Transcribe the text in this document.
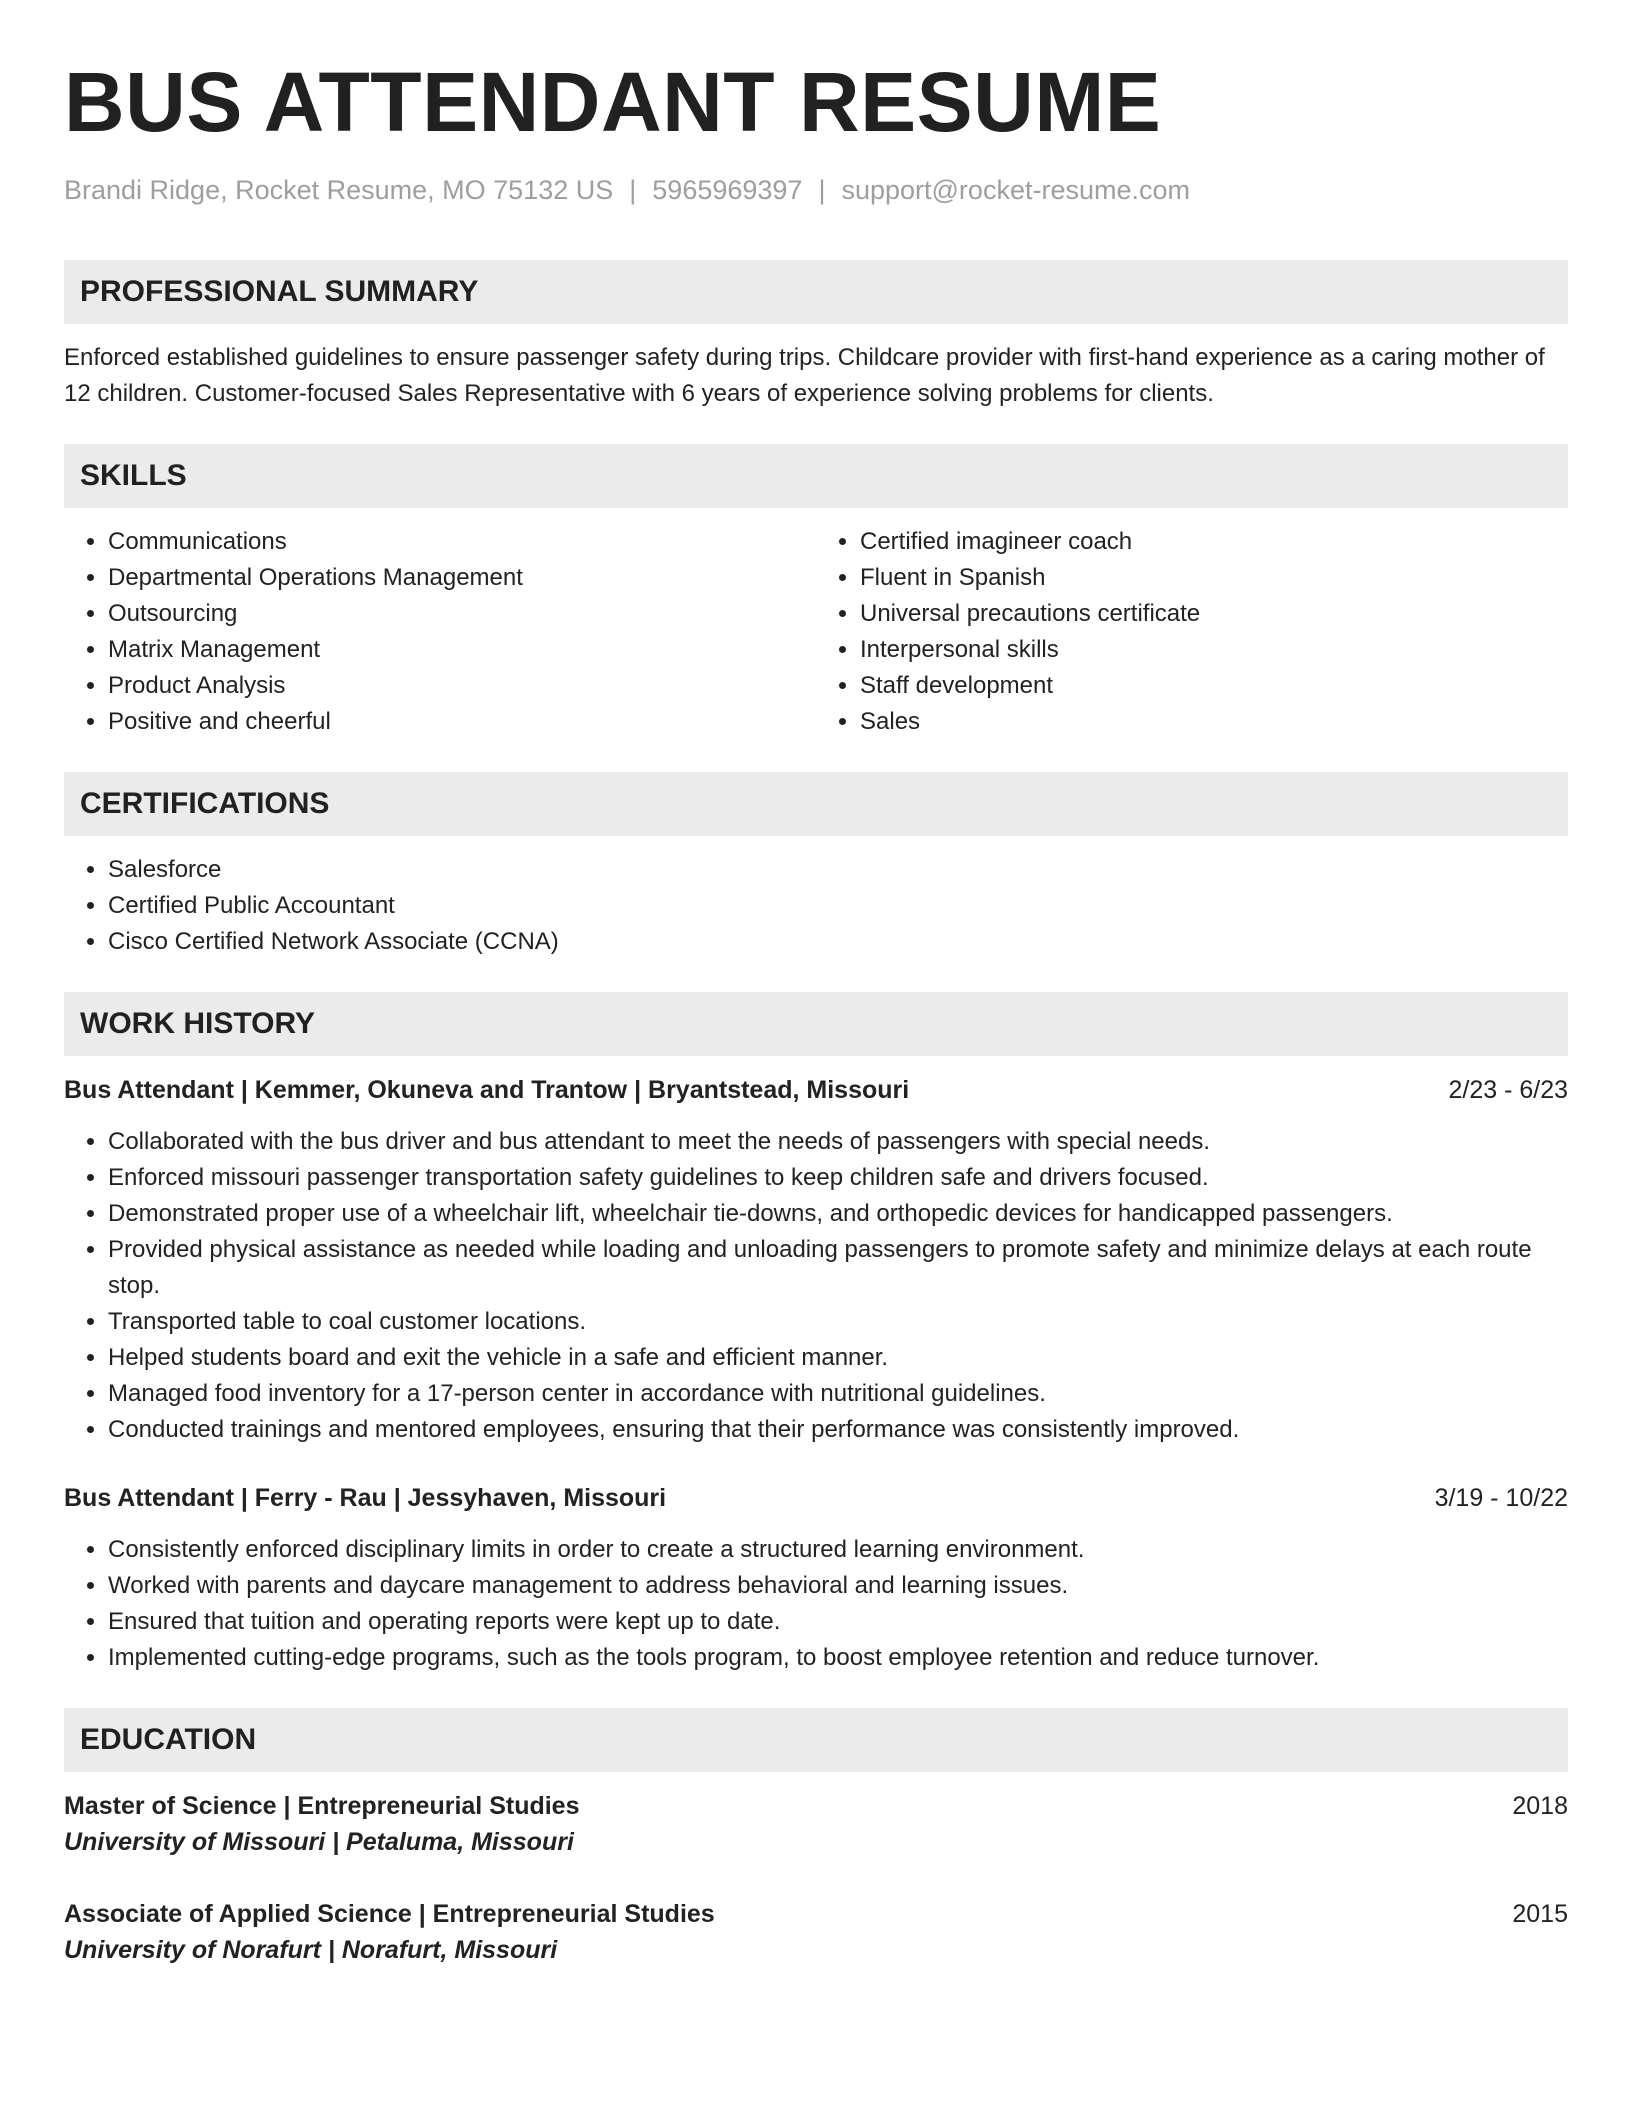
BUS ATTENDANT RESUME
Brandi Ridge, Rocket Resume, MO 75132 US | 5965969397 | support@rocket-resume.com
PROFESSIONAL SUMMARY

Enforced established guidelines to ensure passenger safety during trips. Childcare provider with first-hand experience as a caring mother of 12 children. Customer-focused Sales Representative with 6 years of experience solving problems for clients.

SKILLS
• Communications
• Departmental Operations Management
• Outsourcing
• Matrix Management
• Product Analysis
• Positive and cheerful
• Certified imagineer coach
• Fluent in Spanish
• Universal precautions certificate
• Interpersonal skills
• Staff development
• Sales
CERTIFICATIONS
• Salesforce
• Certified Public Accountant
• Cisco Certified Network Associate (CCNA)
WORK HISTORY
Bus Attendant | Kemmer, Okuneva and Trantow | Bryantstead, Missouri	2/23 - 6/23
• Collaborated with the bus driver and bus attendant to meet the needs of passengers with special needs.
• Enforced missouri passenger transportation safety guidelines to keep children safe and drivers focused.
• Demonstrated proper use of a wheelchair lift, wheelchair tie-downs, and orthopedic devices for handicapped passengers.
• Provided physical assistance as needed while loading and unloading passengers to promote safety and minimize delays at each route stop.
• Transported table to coal customer locations.
• Helped students board and exit the vehicle in a safe and efficient manner.
• Managed food inventory for a 17-person center in accordance with nutritional guidelines.
• Conducted trainings and mentored employees, ensuring that their performance was consistently improved.
Bus Attendant | Ferry - Rau | Jessyhaven, Missouri	3/19 - 10/22
• Consistently enforced disciplinary limits in order to create a structured learning environment.
• Worked with parents and daycare management to address behavioral and learning issues.
• Ensured that tuition and operating reports were kept up to date.
• Implemented cutting-edge programs, such as the tools program, to boost employee retention and reduce turnover.
EDUCATION
Master of Science | Entrepreneurial Studies	2018
University of Missouri | Petaluma, Missouri
Associate of Applied Science | Entrepreneurial Studies	2015
University of Norafurt | Norafurt, Missouri
